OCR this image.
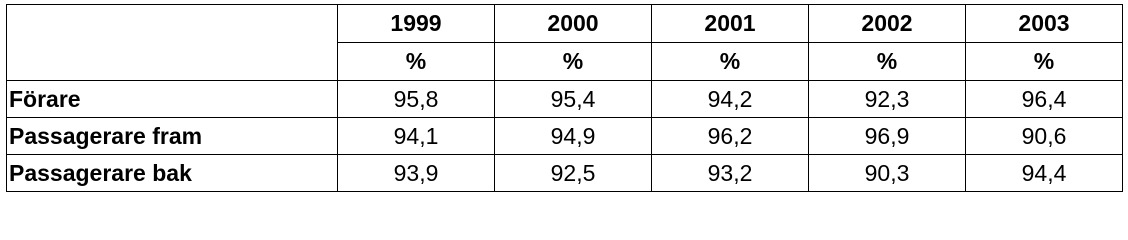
	1999	2000	2001	2002	2003
	%	%	%	%	%
Förare	95,8	95,4	94,2	92,3	96,4
Passagerare fram	94,1	94,9	96,2	96,9	90,6
Passagerare bak	93,9	92,5	93,2	90,3	94,4
